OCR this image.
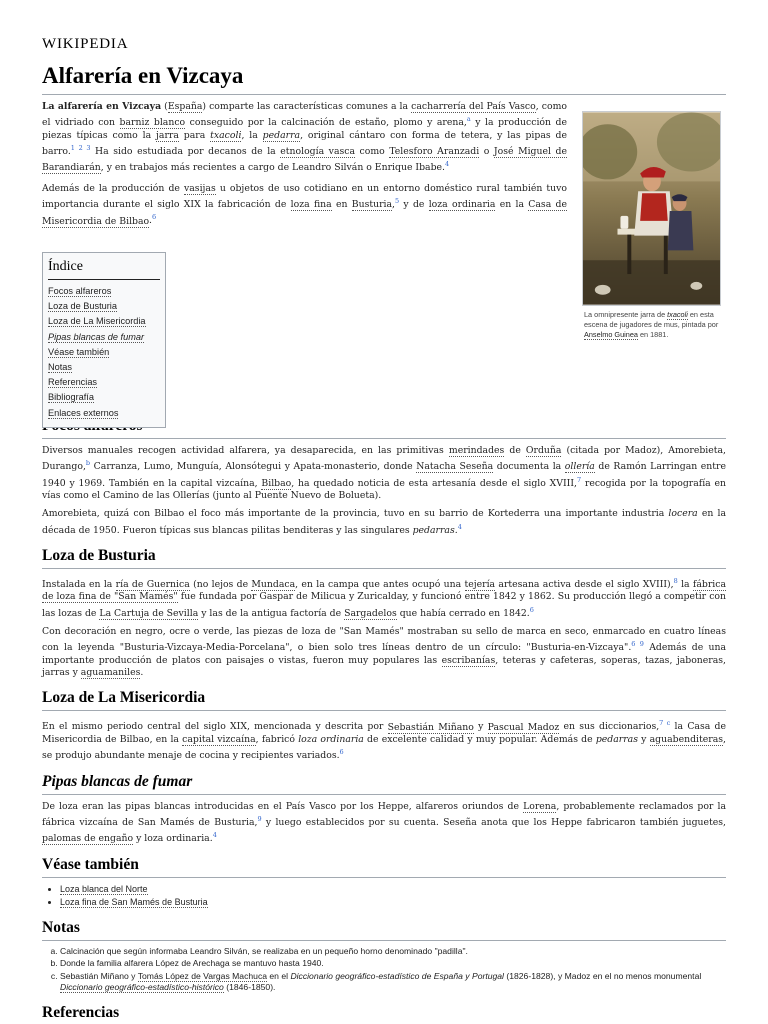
WIKIPEDIA
Alfarería en Vizcaya

La alfarería en Vizcaya (España) comparte las características comunes a la cacharrería del País Vasco, como el vidriado con barniz blanco conseguido por la calcinación de estaño, plomo y arena,$^a$ y la producción de piezas típicas como la jarra para txacoli, la pedarra, original cántaro con forma de tetera, y las pipas de barro.$^{1 2 3}$ Ha sido estudiada por decanos de la etnología vasca como Telesforo Aranzadi o José Miguel de Barandiarán, y en trabajos más recientes a cargo de Leandro Silván o Enrique Ibabe.$^4$

Además de la producción de vasijas u objetos de uso cotidiano en un entorno doméstico rural también tuvo importancia durante el siglo XIX la fabricación de loza fina en Busturia,$^5$ y de loza ordinaria en la Casa de Misericordia de Bilbao.$^6$

Índice
Focos alfareros
Loza de Busturia
Loza de La Misericordia
Pipas blancas de fumar
Véase también
Notas
Referencias
Bibliografía
Enlaces externos
La omnipresente jarra de txacoli en esta escena de jugadores de mus, pintada por Anselmo Guinea en 1881.

Diversos manuales recogen actividad alfarera, ya desaparecida, en las primitivas merindades de Orduña (citada por Madoz), Amorebieta, Durango,$^b$ Carranza, Lumo, Munguía, Alonsótegui y Apata-monasterio, donde Natacha Seseña documenta la ollería de Ramón Larringan entre 1940 y 1969. También en la capital vizcaína, Bilbao, ha quedado noticia de esta artesanía desde el siglo XVIII,$^7$ recogida por la topografía en vías como el Camino de las Ollerías (junto al Puente Nuevo de Bolueta).

Amorebieta, quizá con Bilbao el foco más importante de la provincia, tuvo en su barrio de Kortederra una importante industria locera en la década de 1950. Fueron típicas sus blancas pilitas benditeras y las singulares pedarras.$^4$

Loza de Busturia

Instalada en la ría de Guernica (no lejos de Mundaca, en la campa que antes ocupó una tejería artesana activa desde el siglo XVIII),$^8$ la fábrica de loza fina de "San Mamés" fue fundada por Gaspar de Milicua y Zuricalday, y funcionó entre 1842 y 1862. Su producción llegó a competir con las lozas de La Cartuja de Sevilla y las de la antigua factoría de Sargadelos que había cerrado en 1842.$^6$

Con decoración en negro, ocre o verde, las piezas de loza de "San Mamés" mostraban su sello de marca en seco, enmarcado en cuatro líneas con la leyenda "Busturia-Vizcaya-Media-Porcelana", o bien solo tres líneas dentro de un círculo: "Busturia-en-Vizcaya".$^{6 9}$ Además de una importante producción de platos con paisajes o vistas, fueron muy populares las escribanías, teteras y cafeteras, soperas, tazas, jaboneras, jarras y aguamaniles.

Loza de La Misericordia

En el mismo periodo central del siglo XIX, mencionada y descrita por Sebastián Miñano y Pascual Madoz en sus diccionarios,$^{7 c}$ la Casa de Misericordia de Bilbao, en la capital vizcaína, fabricó loza ordinaria de excelente calidad y muy popular. Además de pedarras y aguabenditeras, se produjo abundante menaje de cocina y recipientes variados.$^6$

Pipas blancas de fumar

De loza eran las pipas blancas introducidas en el País Vasco por los Heppe, alfareros oriundos de Lorena, probablemente reclamados por la fábrica vizcaína de San Mamés de Busturia,$^9$ y luego establecidos por su cuenta. Seseña anota que los Heppe fabricaron también juguetes, palomas de engaño y loza ordinaria.$^4$

Véase también
• Loza blanca del Norte
• Loza fina de San Mamés de Busturia
Notas
a. Calcinación que según informaba Leandro Silván, se realizaba en un pequeño horno denominado "padilla".
b. Donde la familia alfarera López de Arechaga se mantuvo hasta 1940.
c. Sebastián Miñano y Tomás López de Vargas Machuca en el Diccionario geográfico-estadístico de España y Portugal (1826-1828), y Madoz en el no menos monumental Diccionario geográfico-estadístico-histórico (1846-1850).
Referencias
